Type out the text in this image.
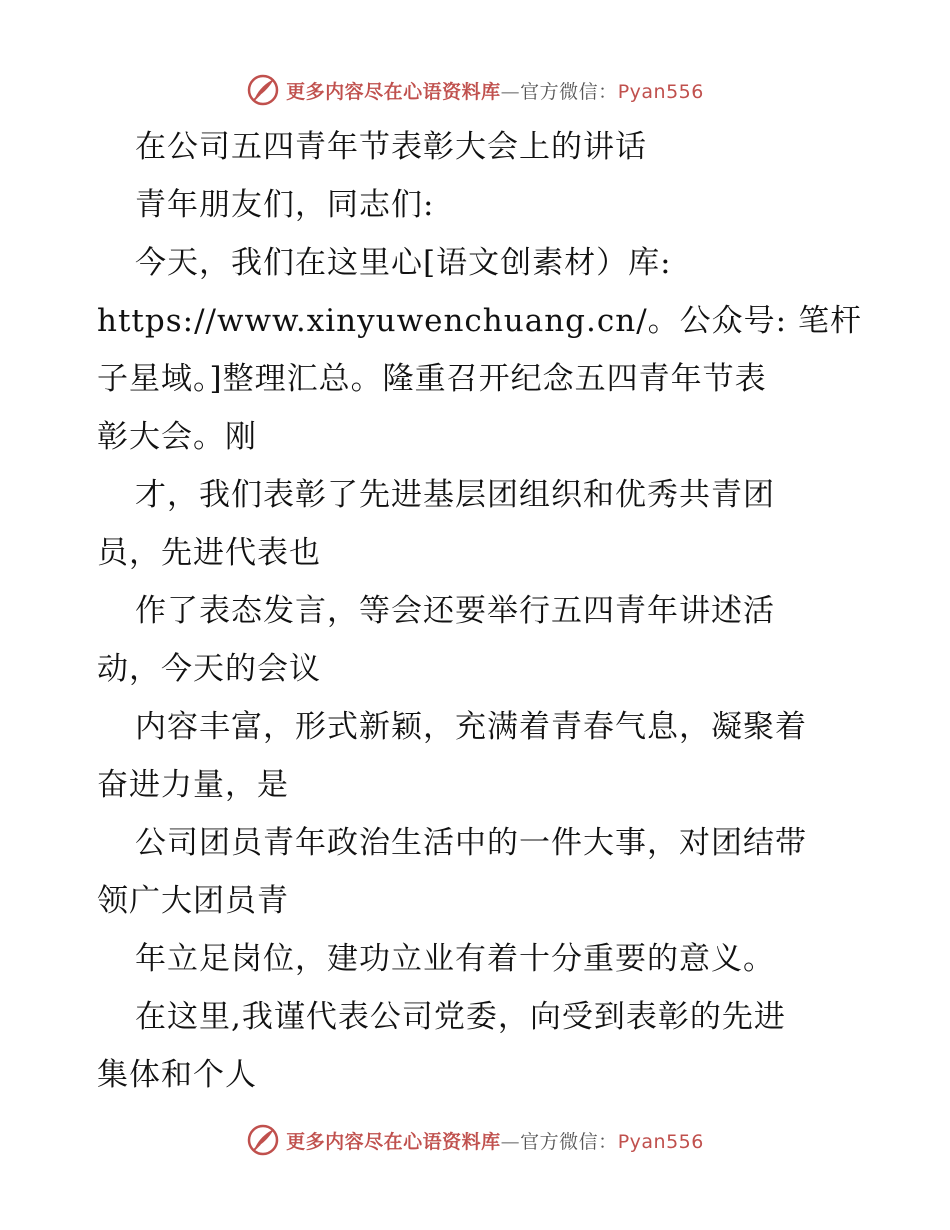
更多内容尽在心语资料库—官方微信：Pyan556
在公司五四青年节表彰大会上的讲话
青年朋友们，同志们:
今天，我们在这里心[语文创素材）库:
https://www.xinyuwenchuang.cn/。公众号: 笔杆
子星域。]整理汇总。隆重召开纪念五四青年节表
彰大会。刚
才，我们表彰了先进基层团组织和优秀共青团
员，先进代表也
作了表态发言，等会还要举行五四青年讲述活
动，今天的会议
内容丰富，形式新颖，充满着青春气息，凝聚着
奋进力量，是
公司团员青年政治生活中的一件大事，对团结带
领广大团员青
年立足岗位，建功立业有着十分重要的意义。
在这里,我谨代表公司党委，向受到表彰的先进
集体和个人
更多内容尽在心语资料库—官方微信：Pyan556
